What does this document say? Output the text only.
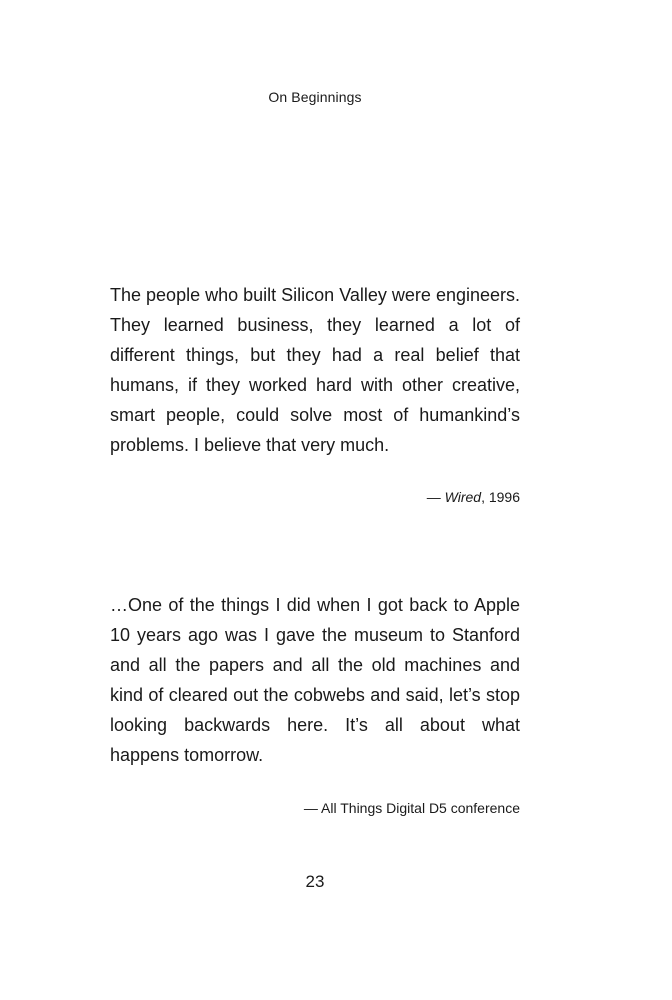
On Beginnings

The people who built Silicon Valley were engineers. They learned business, they learned a lot of different things, but they had a real belief that humans, if they worked hard with other creative, smart people, could solve most of humankind’s problems. I believe that very much.

— Wired, 1996

…One of the things I did when I got back to Apple 10 years ago was I gave the museum to Stanford and all the papers and all the old machines and kind of cleared out the cobwebs and said, let’s stop looking backwards here. It’s all about what happens tomorrow.

— All Things Digital D5 conference
23
